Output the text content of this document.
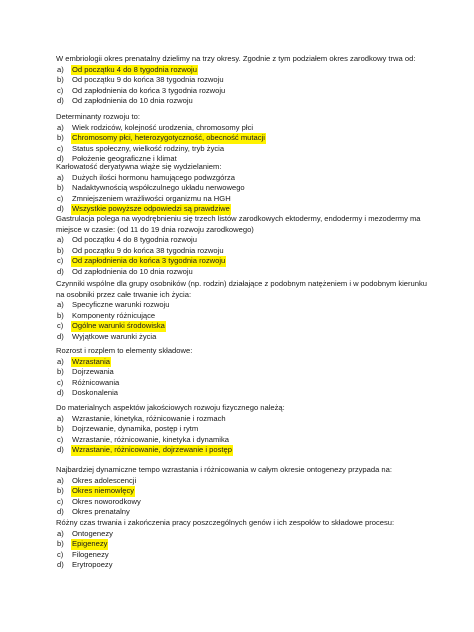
W embriologii okres prenatalny dzielimy na trzy okresy. Zgodnie z tym podziałem okres zarodkowy trwa od:

a)	Od początku 4 do 8 tygodnia rozwoju
b)	Od początku 9 do końca 38 tygodnia rozwoju
c)	Od zapłodnienia do końca 3 tygodnia rozwoju
d)	Od zapłodnienia do 10 dnia rozwoju

Determinanty rozwoju to:

a)	Wiek rodziców, kolejność urodzenia, chromosomy płci
b)	Chromosomy płci, heterozygotyczność, obecność mutacji
c)	Status społeczny, wielkość rodziny, tryb życia
d)	Położenie geograficzne i klimat

Karłowatość deryatywna wiąże się wydzielaniem:

a)	Dużych ilości hormonu hamującego podwzgórza
b)	Nadaktywnością współczulnego układu nerwowego
c)	Zmniejszeniem wrażliwości organizmu na HGH
d)	Wszystkie powyższe odpowiedzi są prawdziwe

Gastrulacja polega na wyodrębnieniu się trzech listów zarodkowych ektodermy, endodermy i mezodermy ma miejsce w czasie: (od 11 do 19 dnia rozwoju zarodkowego)

a)	Od początku 4 do 8 tygodnia rozwoju
b)	Od początku 9 do końca 38 tygodnia rozwoju
c)	Od zapłodnienia do końca 3 tygodnia rozwoju
d)	Od zapłodnienia do 10 dnia rozwoju

Czynniki wspólne dla grupy osobników (np. rodzin) działające z podobnym natężeniem i w podobnym kierunku na osobniki przez całe trwanie ich życia:

a)	Specyficzne warunki rozwoju
b)	Komponenty różnicujące
c)	Ogólne warunki środowiska
d)	Wyjątkowe warunki życia

Rozrost i rozplem to elementy składowe:

a)	Wzrastania
b)	Dojrzewania
c)	Różnicowania
d)	Doskonalenia

Do materialnych aspektów jakościowych rozwoju fizycznego należą:

a)	Wzrastanie, kinetyka, różnicowanie i rozmach
b)	Dojrzewanie, dynamika, postęp i rytm
c)	Wzrastanie, różnicowanie, kinetyka i dynamika
d)	Wzrastanie, różnicowanie, dojrzewanie i postęp

Najbardziej dynamiczne tempo wzrastania i różnicowania w całym okresie ontogenezy przypada na:

a)	Okres adolescencji
b)	Okres niemowlęcy
c)	Okres noworodkowy
d)	Okres prenatalny

Różny czas trwania i zakończenia pracy poszczególnych genów i ich zespołów to składowe procesu:

a)	Ontogenezy
b)	Epigenezy
c)	Filogenezy
d)	Erytropoezy
